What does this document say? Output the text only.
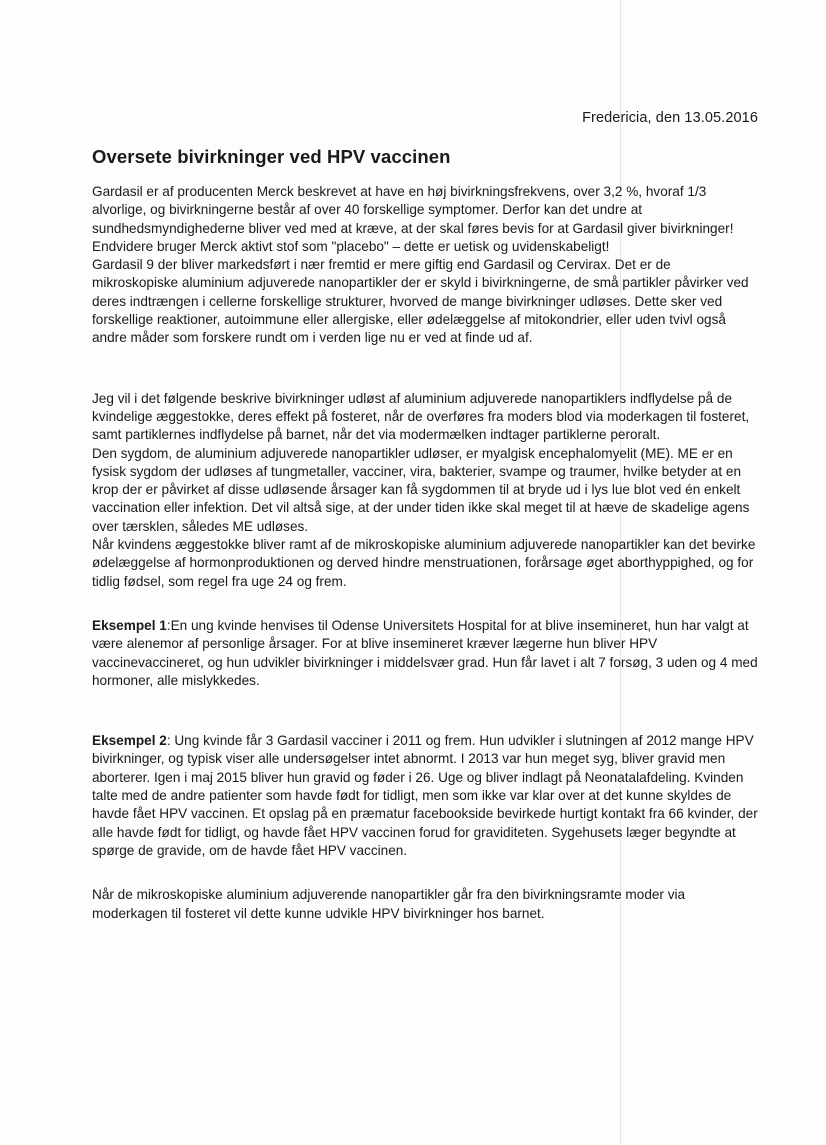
Fredericia, den 13.05.2016
Oversete bivirkninger ved HPV vaccinen

Gardasil er af producenten Merck beskrevet at have en høj bivirkningsfrekvens, over 3,2 %, hvoraf 1/3 alvorlige, og bivirkningerne består af over 40 forskellige symptomer. Derfor kan det undre at sundhedsmyndighederne bliver ved med at kræve, at der skal føres bevis for at Gardasil giver bivirkninger!

Endvidere bruger Merck aktivt stof som "placebo" – dette er uetisk og uvidenskabeligt!

Gardasil 9 der bliver markedsført i nær fremtid er mere giftig end Gardasil og Cervirax. Det er de mikroskopiske aluminium adjuverede nanopartikler der er skyld i bivirkningerne, de små partikler påvirker ved deres indtrængen i cellerne forskellige strukturer, hvorved de mange bivirkninger udløses. Dette sker ved forskellige reaktioner, autoimmune eller allergiske, eller ødelæggelse af mitokondrier, eller uden tvivl også andre måder som forskere rundt om i verden lige nu er ved at finde ud af.

Jeg vil i det følgende beskrive bivirkninger udløst af aluminium adjuverede nanopartiklers indflydelse på de kvindelige æggestokke, deres effekt på fosteret, når de overføres fra moders blod via moderkagen til fosteret, samt partiklernes indflydelse på barnet, når det via modermælken indtager partiklerne peroralt.

Den sygdom, de aluminium adjuverede nanopartikler udløser, er myalgisk encephalomyelit (ME). ME er en fysisk sygdom der udløses af tungmetaller, vacciner, vira, bakterier, svampe og traumer, hvilke betyder at en krop der er påvirket af disse udløsende årsager kan få sygdommen til at bryde ud i lys lue blot ved én enkelt vaccination eller infektion. Det vil altså sige, at der under tiden ikke skal meget til at hæve de skadelige agens over tærsklen, således ME udløses.

Når kvindens æggestokke bliver ramt af de mikroskopiske aluminium adjuverede nanopartikler kan det bevirke ødelæggelse af hormonproduktionen og derved hindre menstruationen, forårsage øget aborthyppighed, og for tidlig fødsel, som regel fra uge 24 og frem.

Eksempel 1:En ung kvinde henvises til Odense Universitets Hospital for at blive insemineret, hun har valgt at være alenemor af personlige årsager. For at blive insemineret kræver lægerne hun bliver HPV vaccinevaccineret, og hun udvikler bivirkninger i middelsvær grad. Hun får lavet i alt 7 forsøg, 3 uden og 4 med hormoner, alle mislykkedes.

Eksempel 2: Ung kvinde får 3 Gardasil vacciner i 2011 og frem. Hun udvikler i slutningen af 2012 mange HPV bivirkninger, og typisk viser alle undersøgelser intet abnormt. I 2013 var hun meget syg, bliver gravid men aborterer. Igen i maj 2015 bliver hun gravid og føder i 26. Uge og bliver indlagt på Neonatalafdeling. Kvinden talte med de andre patienter som havde født for tidligt, men som ikke var klar over at det kunne skyldes de havde fået HPV vaccinen. Et opslag på en præmatur facebookside bevirkede hurtigt kontakt fra 66 kvinder, der alle havde født for tidligt, og havde fået HPV vaccinen forud for graviditeten. Sygehusets læger begyndte at spørge de gravide, om de havde fået HPV vaccinen.

Når de mikroskopiske aluminium adjuverende nanopartikler går fra den bivirkningsramte moder via moderkagen til fosteret vil dette kunne udvikle HPV bivirkninger hos barnet.
